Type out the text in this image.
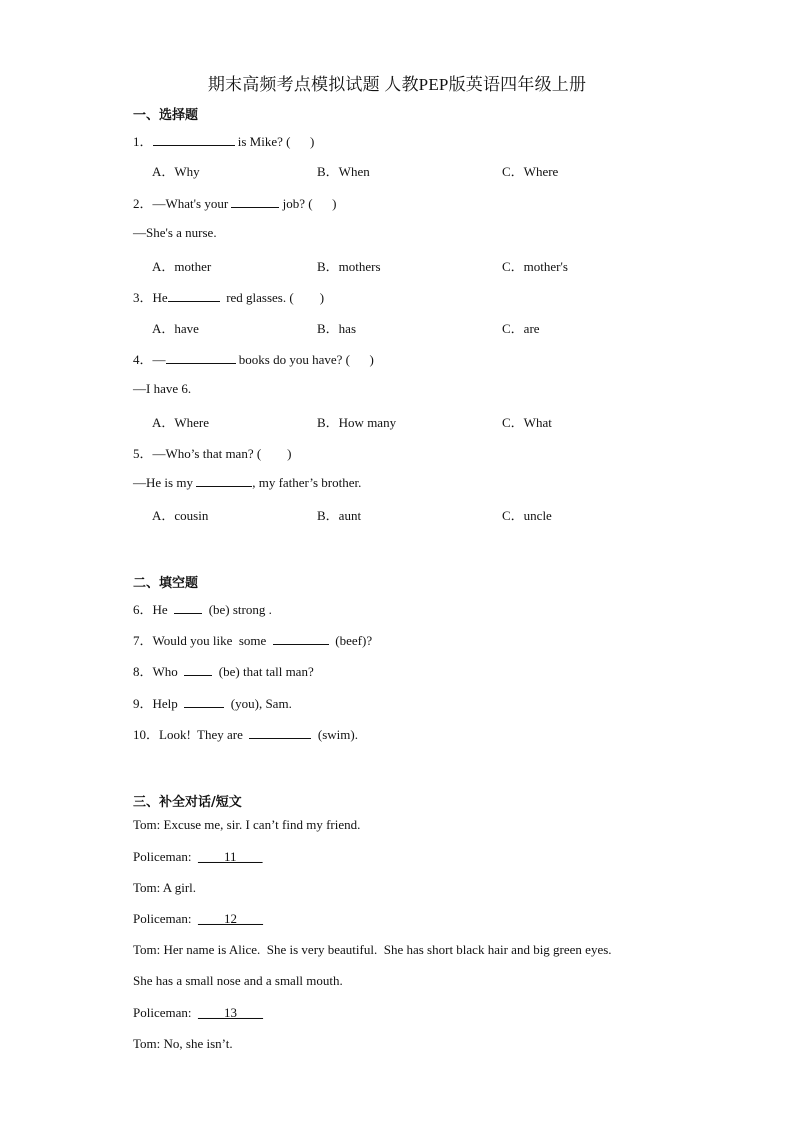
期末高频考点模拟试题 人教PEP版英语四年级上册
一、选择题
1．	is Mike? (      )
A．Why	B．When	C．Where
2．—What's your	job? (      )
—She's a nurse.
A．mother	B．mothers	C．mother's
3．He	red glasses. (        )
A．have	B．has	C．are
4．—	books do you have? (      )
—I have 6.
A．Where	B．How many	C．What
5．—Who’s that man? (        )
—He is my	, my father’s brother.
A．cousin	B．aunt	C．uncle
二、填空题
6．He    (be) strong .
7．Would you like  some	(beef)?
8．Who    (be) that tall man?
9．Help	(you), Sam.
10．Look!  They are	(swim).
三、补全对话/短文
Tom: Excuse me, sir. I can’t find my friend.
Policeman:  ____11____
Tom: A girl.
Policeman:  ____12____
Tom: Her name is Alice.  She is very beautiful.  She has short black hair and big green eyes.
She has a small nose and a small mouth.
Policeman:  ____13____
Tom: No, she isn’t.
